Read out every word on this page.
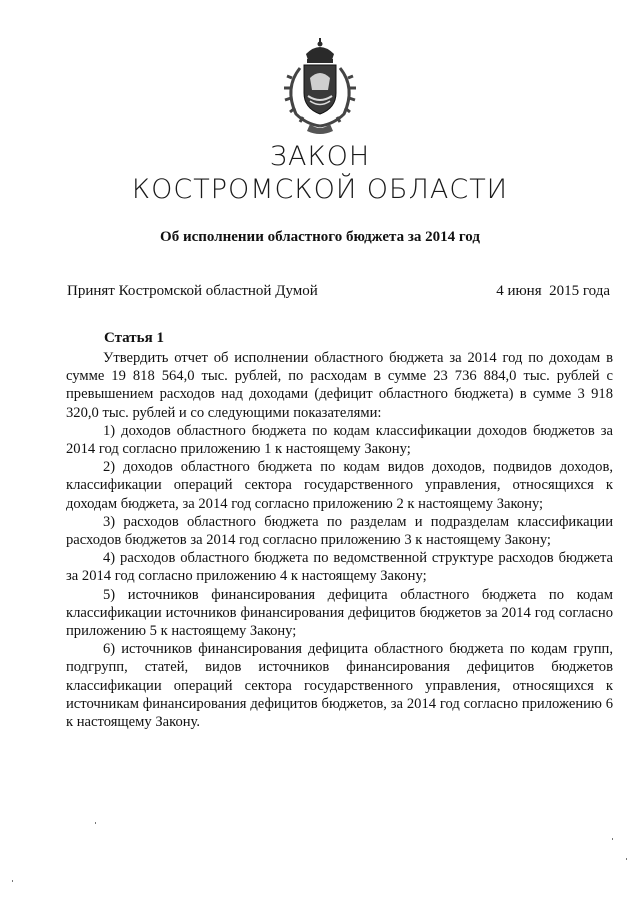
ЗАКОН
КОСТРОМСКОЙ ОБЛАСТИ
Об исполнении областного бюджета за 2014 год
Принят Костромской областной Думой	4 июня  2015 года
Статья 1

Утвердить отчет об исполнении областного бюджета за 2014 год по доходам в сумме 19 818 564,0 тыс. рублей, по расходам в сумме 23 736 884,0 тыс. рублей с превышением расходов над доходами (дефицит областного бюджета) в сумме 3 918 320,0 тыс. рублей и со следующими показателями:

1) доходов областного бюджета по кодам классификации доходов бюджетов за 2014 год согласно приложению 1 к настоящему Закону;

2) доходов областного бюджета по кодам видов доходов, подвидов доходов, классификации операций сектора государственного управления, относящихся к доходам бюджета, за 2014 год согласно приложению 2 к настоящему Закону;

3) расходов областного бюджета по разделам и подразделам классификации расходов бюджетов за 2014 год согласно приложению 3 к настоящему Закону;

4) расходов областного бюджета по ведомственной структуре расходов бюджета за 2014 год согласно приложению 4 к настоящему Закону;

5) источников финансирования дефицита областного бюджета по кодам классификации источников финансирования дефицитов бюджетов за 2014 год согласно приложению 5 к настоящему Закону;

6) источников финансирования дефицита областного бюджета по кодам групп, подгрупп, статей, видов источников финансирования дефицитов бюджетов классификации операций сектора государственного управления, относящихся к источникам финансирования дефицитов бюджетов, за 2014 год согласно приложению 6 к настоящему Закону.
